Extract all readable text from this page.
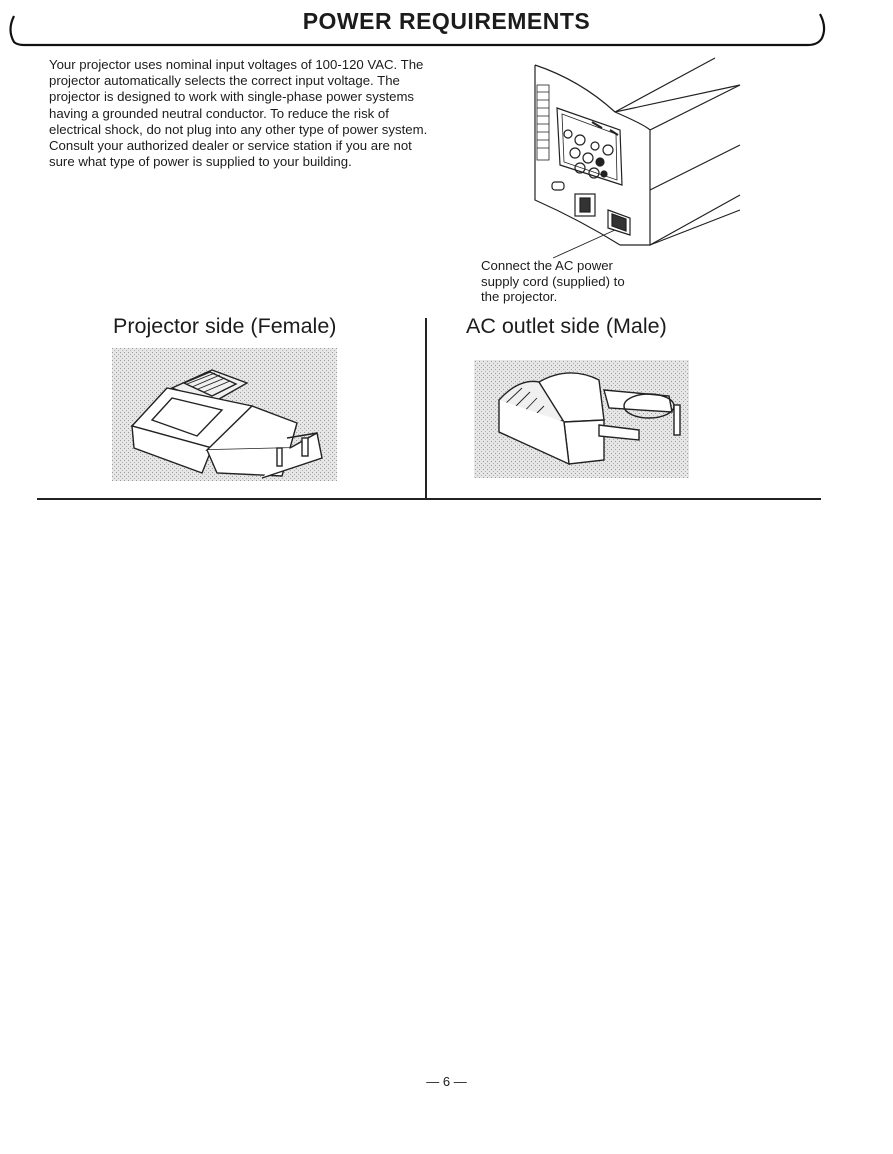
POWER REQUIREMENTS
Your projector uses nominal input voltages of 100-120 VAC. The
projector automatically selects the correct input voltage. The
projector is designed to work with single-phase power systems
having a grounded neutral conductor. To reduce the risk of
electrical shock, do not plug into any other type of power system.
Consult your authorized dealer or service station if you are not
sure what type of power is supplied to your building.
Connect the AC power
supply cord (supplied) to
the projector.
Projector side (Female)	AC outlet side (Male)
— 6 —
